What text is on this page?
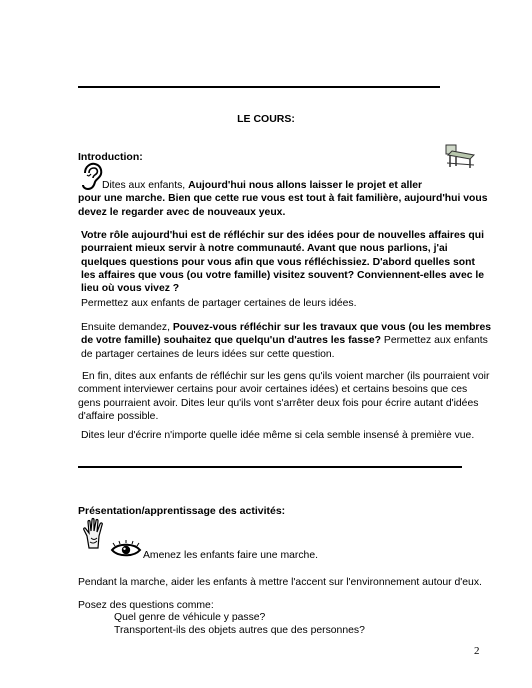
LE COURS:
Introduction:
Dites aux enfants, Aujourd'hui nous allons laisser le projet et aller
pour une marche. Bien que cette rue vous est tout à fait familière, aujourd'hui vous devez le regarder avec de nouveaux yeux.
Votre rôle aujourd'hui est de réfléchir sur des idées pour de nouvelles affaires qui pourraient mieux servir à notre communauté. Avant que nous parlions, j'ai quelques questions pour vous afin que vous réfléchissiez. D'abord quelles sont les affaires que vous (ou votre famille) visitez souvent? Conviennent-elles avec le lieu où vous vivez ?
Permettez aux enfants de partager certaines de leurs idées.
Ensuite demandez, Pouvez-vous réfléchir sur les travaux que vous (ou les membres de votre famille) souhaitez que quelqu'un d'autres les fasse? Permettez aux enfants de partager certaines de leurs idées sur cette question.
En fin, dites aux enfants de réfléchir sur les gens qu'ils voient marcher (ils pourraient voir comment interviewer certains pour avoir certaines idées) et certains besoins que ces gens pourraient avoir. Dites leur qu'ils vont s'arrêter deux fois pour écrire autant d'idées d'affaire possible.
Dites leur d'écrire n'importe quelle idée même si cela semble insensé à première vue.
Présentation/apprentissage des activités:
Amenez les enfants faire une marche.
Pendant la marche, aider les enfants à mettre l'accent sur l'environnement autour d'eux.
Posez des questions comme:
Quel genre de véhicule y passe?
Transportent-ils des objets autres que des personnes?
2
